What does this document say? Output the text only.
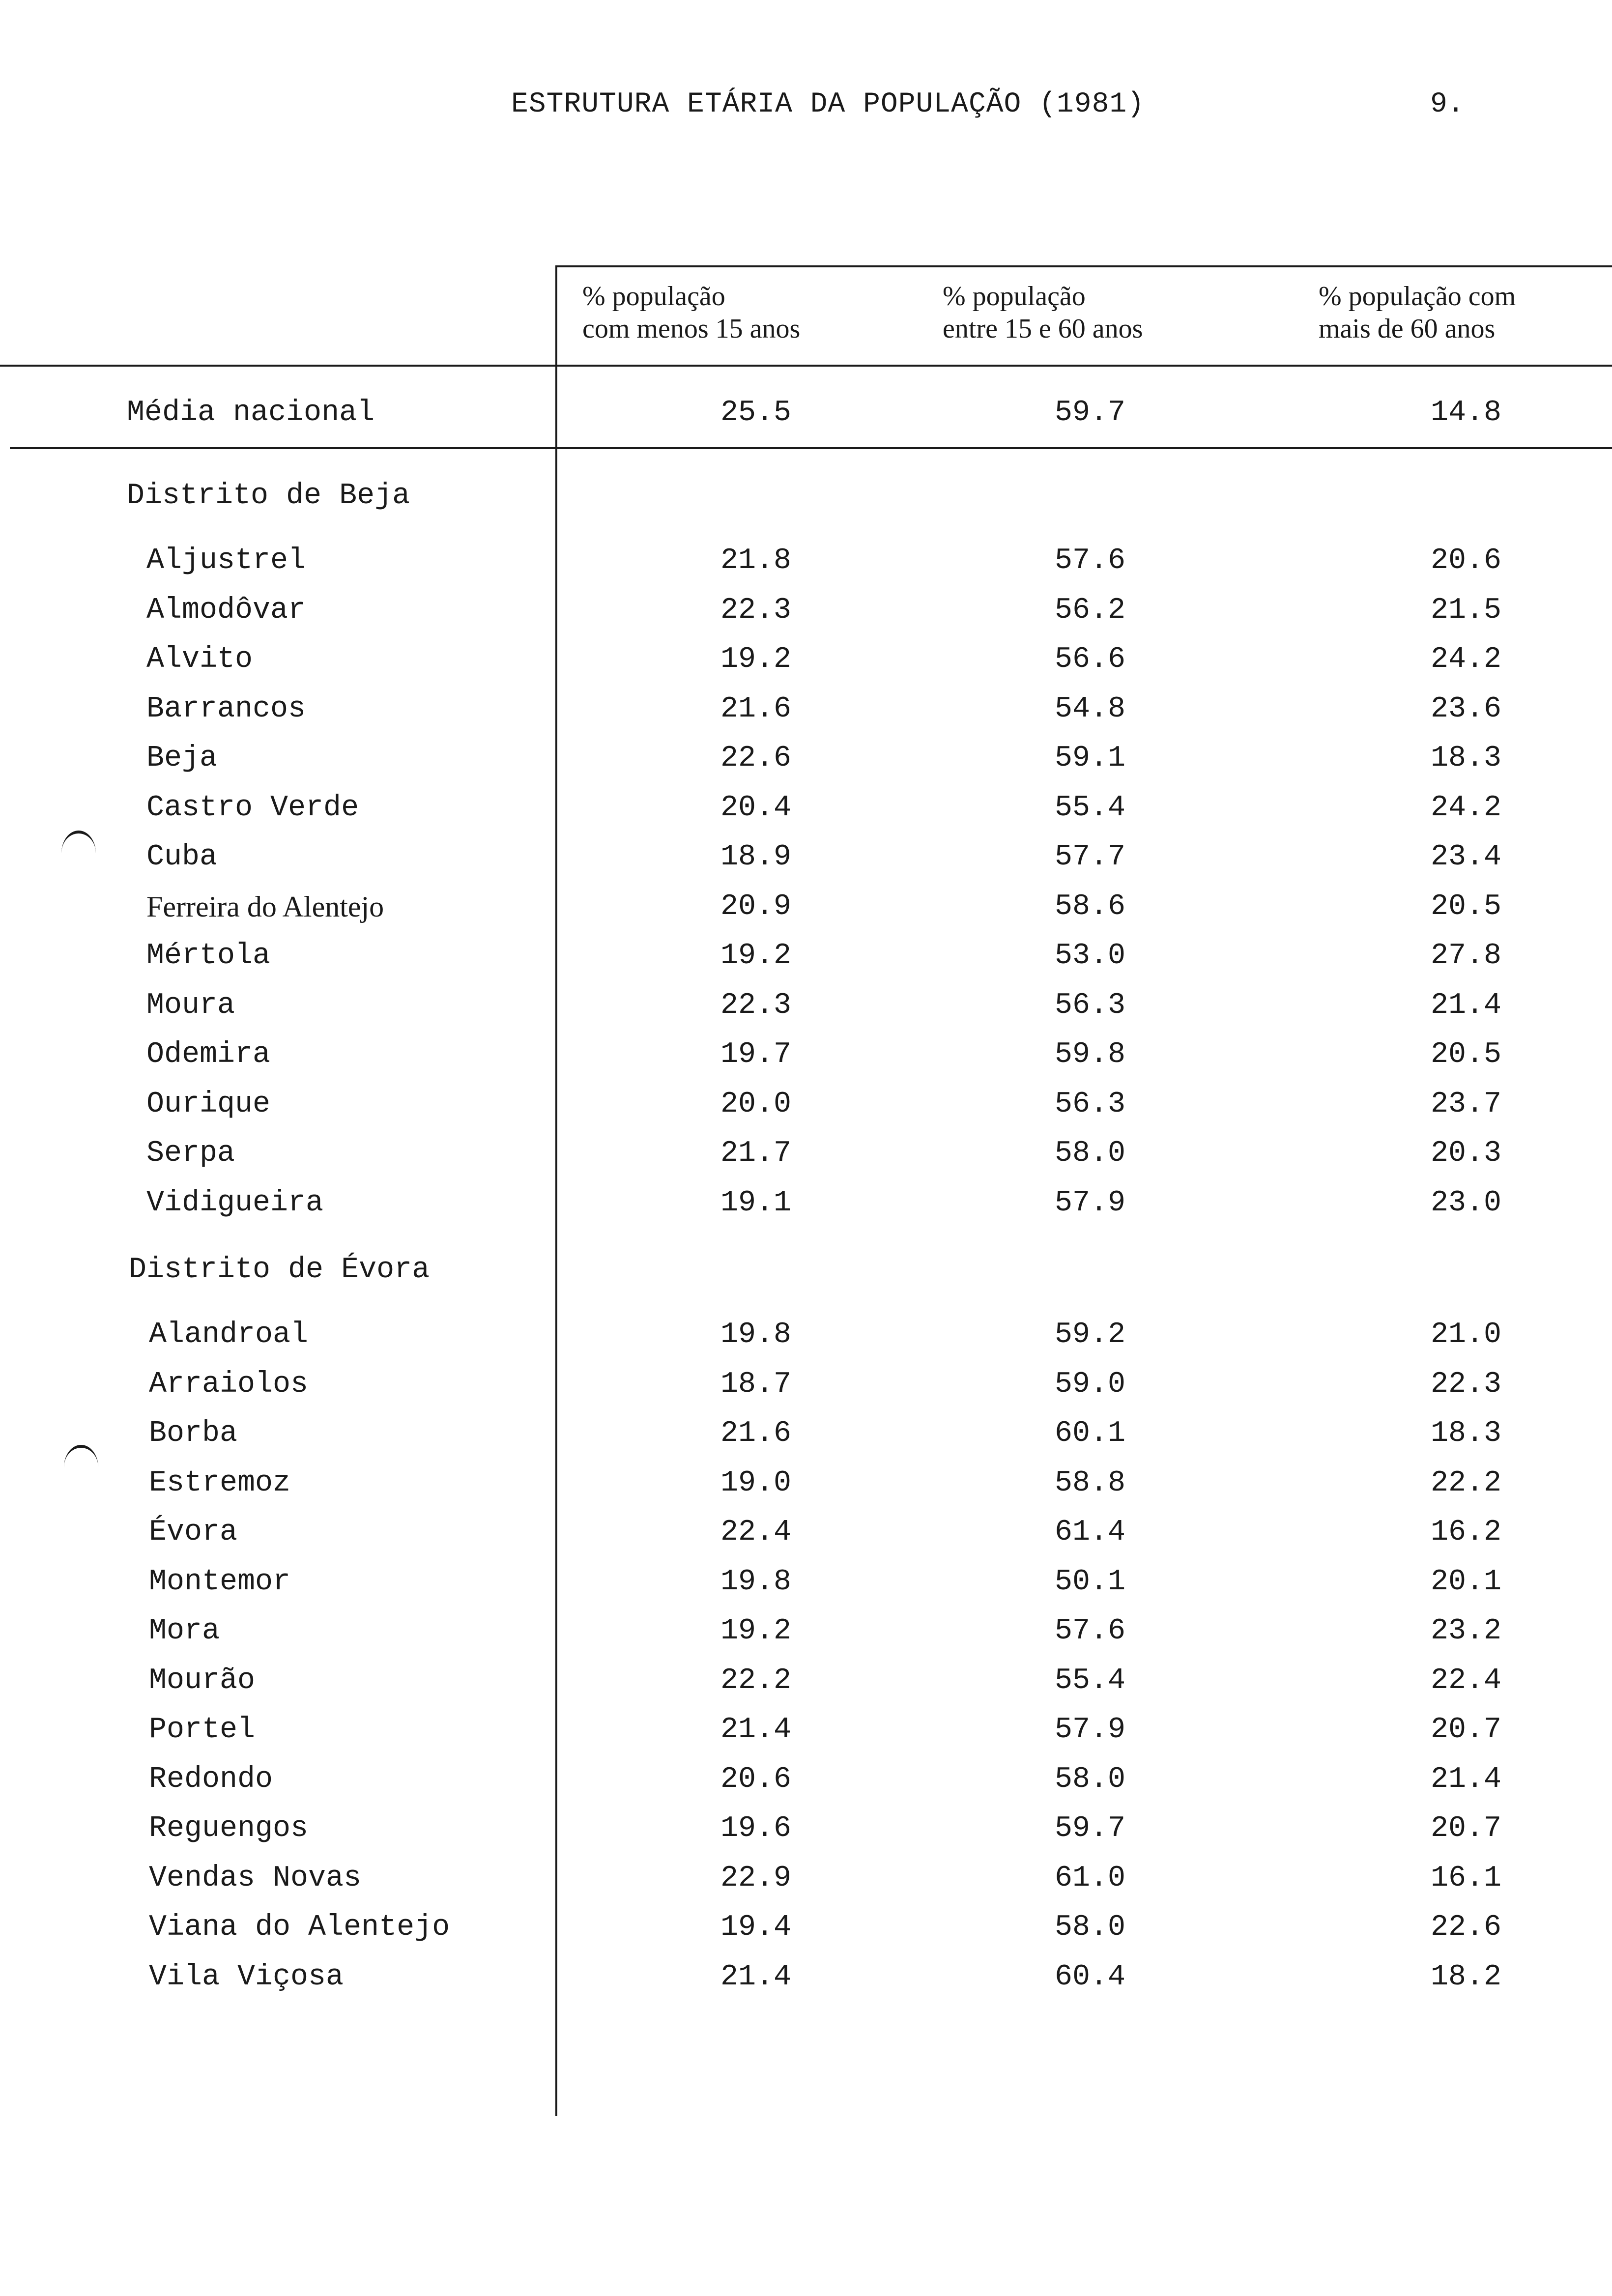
ESTRUTURA ETÁRIA DA POPULAÇÃO (1981)	9.
% população
com menos 15 anos
% população
entre 15 e 60 anos
% população com
mais de 60 anos
Média nacional	25.5	59.7	14.8
Distrito de Beja
Aljustrel	21.8	57.6	20.6
Almodôvar	22.3	56.2	21.5
Alvito	19.2	56.6	24.2
Barrancos	21.6	54.8	23.6
Beja	22.6	59.1	18.3
Castro Verde	20.4	55.4	24.2
Cuba	18.9	57.7	23.4
Ferreira do Alentejo	20.9	58.6	20.5
Mértola	19.2	53.0	27.8
Moura	22.3	56.3	21.4
Odemira	19.7	59.8	20.5
Ourique	20.0	56.3	23.7
Serpa	21.7	58.0	20.3
Vidigueira	19.1	57.9	23.0
Distrito de Évora
Alandroal	19.8	59.2	21.0
Arraiolos	18.7	59.0	22.3
Borba	21.6	60.1	18.3
Estremoz	19.0	58.8	22.2
Évora	22.4	61.4	16.2
Montemor	19.8	50.1	20.1
Mora	19.2	57.6	23.2
Mourão	22.2	55.4	22.4
Portel	21.4	57.9	20.7
Redondo	20.6	58.0	21.4
Reguengos	19.6	59.7	20.7
Vendas Novas	22.9	61.0	16.1
Viana do Alentejo	19.4	58.0	22.6
Vila Viçosa	21.4	60.4	18.2
